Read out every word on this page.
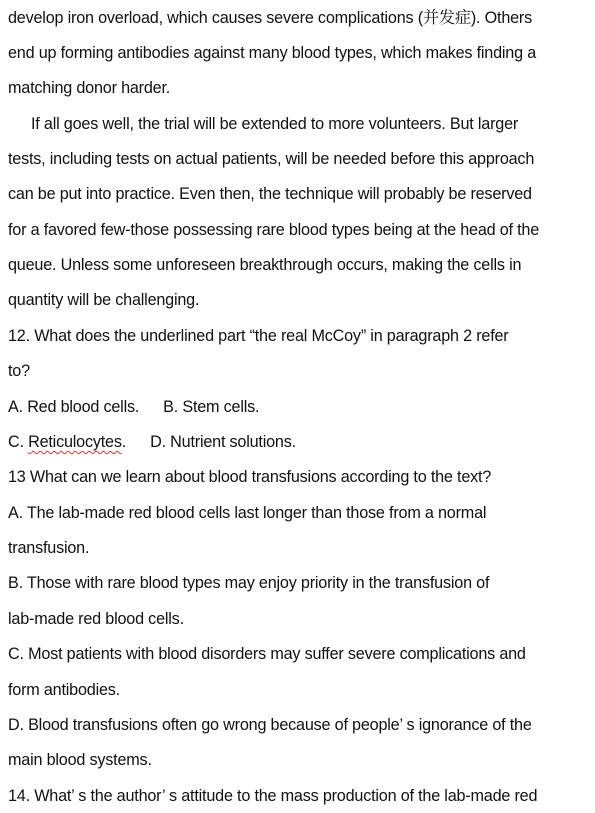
develop iron overload, which causes severe complications (并发症). Others
end up forming antibodies against many blood types, which makes finding a
matching donor harder.
If all goes well, the trial will be extended to more volunteers. But larger
tests, including tests on actual patients, will be needed before this approach
can be put into practice. Even then, the technique will probably be reserved
for a favored few-those possessing rare blood types being at the head of the
queue. Unless some unforeseen breakthrough occurs, making the cells in
quantity will be challenging.
12. What does the underlined part “the real McCoy” in paragraph 2 refer
to?
A. Red blood cells. B. Stem cells.
C. Reticulocytes. D. Nutrient solutions.
13 What can we learn about blood transfusions according to the text?
A. The lab-made red blood cells last longer than those from a normal
transfusion.
B. Those with rare blood types may enjoy priority in the transfusion of
lab-made red blood cells.
C. Most patients with blood disorders may suffer severe complications and
form antibodies.
D. Blood transfusions often go wrong because of people’ s ignorance of the
main blood systems.
14. What’ s the author’ s attitude to the mass production of the lab-made red
